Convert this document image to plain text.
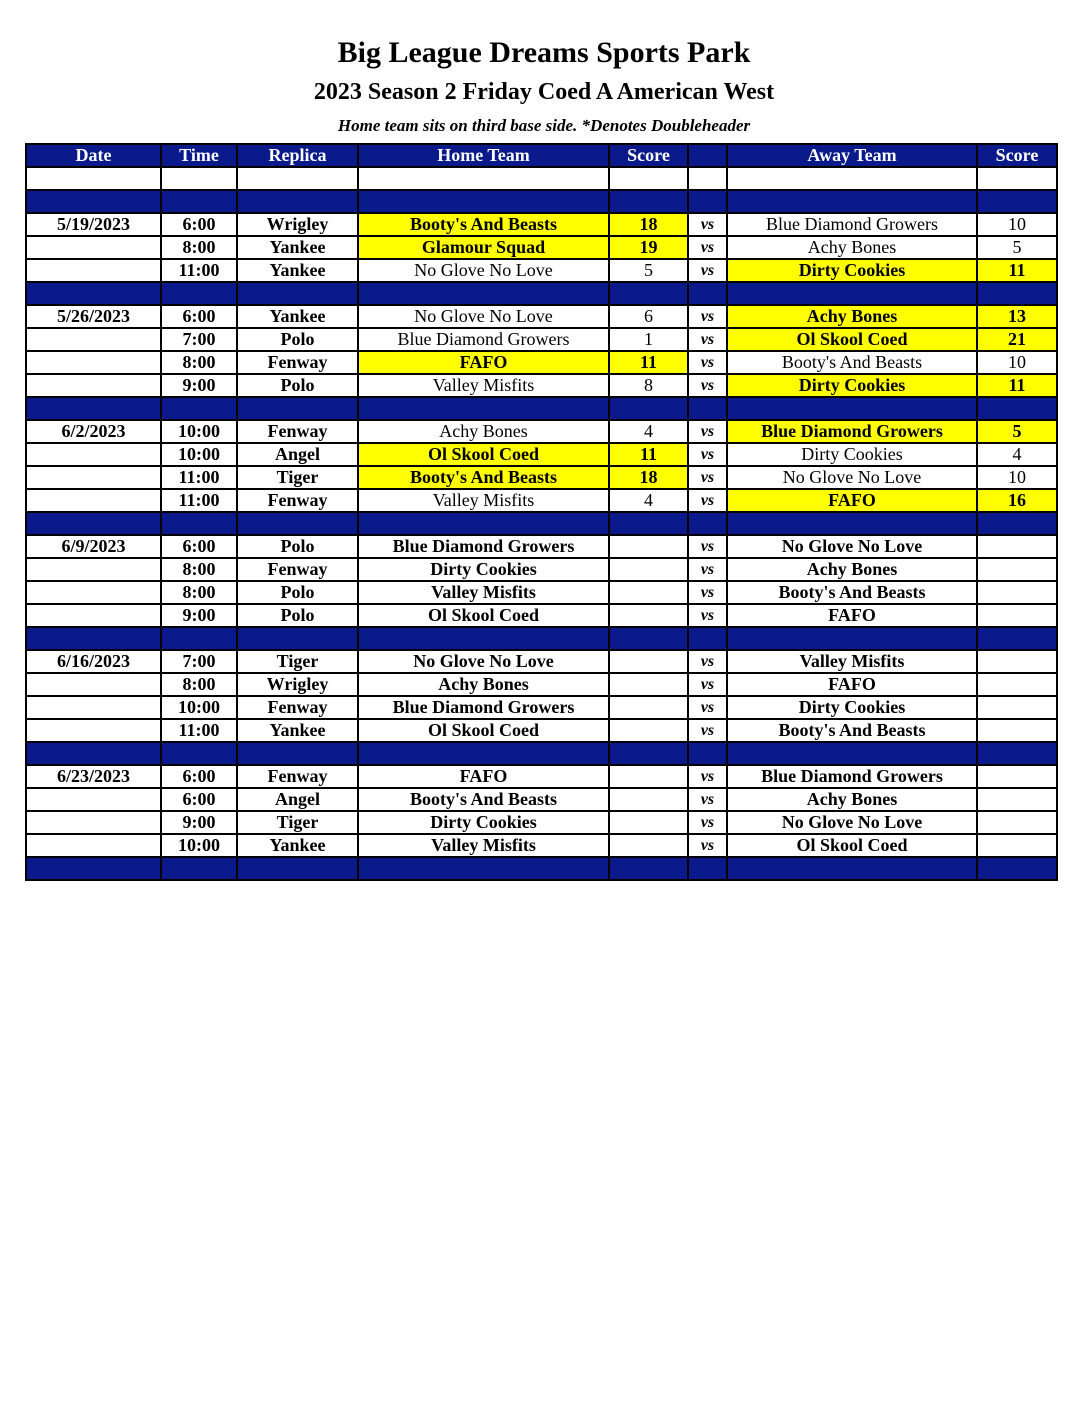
Big League Dreams Sports Park
2023 Season 2 Friday Coed A American West
Home team sits on third base side. *Denotes Doubleheader
Date	Time	Replica	Home Team	Score		Away Team	Score

5/19/2023	6:00	Wrigley	Booty's And Beasts	18	vs	Blue Diamond Growers	10
	8:00	Yankee	Glamour Squad	19	vs	Achy Bones	5
	11:00	Yankee	No Glove No Love	5	vs	Dirty Cookies	11

5/26/2023	6:00	Yankee	No Glove No Love	6	vs	Achy Bones	13
	7:00	Polo	Blue Diamond Growers	1	vs	Ol Skool Coed	21
	8:00	Fenway	FAFO	11	vs	Booty's And Beasts	10
	9:00	Polo	Valley Misfits	8	vs	Dirty Cookies	11

6/2/2023	10:00	Fenway	Achy Bones	4	vs	Blue Diamond Growers	5
	10:00	Angel	Ol Skool Coed	11	vs	Dirty Cookies	4
	11:00	Tiger	Booty's And Beasts	18	vs	No Glove No Love	10
	11:00	Fenway	Valley Misfits	4	vs	FAFO	16

6/9/2023	6:00	Polo	Blue Diamond Growers		vs	No Glove No Love	
	8:00	Fenway	Dirty Cookies		vs	Achy Bones	
	8:00	Polo	Valley Misfits		vs	Booty's And Beasts	
	9:00	Polo	Ol Skool Coed		vs	FAFO	

6/16/2023	7:00	Tiger	No Glove No Love		vs	Valley Misfits	
	8:00	Wrigley	Achy Bones		vs	FAFO	
	10:00	Fenway	Blue Diamond Growers		vs	Dirty Cookies	
	11:00	Yankee	Ol Skool Coed		vs	Booty's And Beasts	

6/23/2023	6:00	Fenway	FAFO		vs	Blue Diamond Growers	
	6:00	Angel	Booty's And Beasts		vs	Achy Bones	
	9:00	Tiger	Dirty Cookies		vs	No Glove No Love	
	10:00	Yankee	Valley Misfits		vs	Ol Skool Coed	
